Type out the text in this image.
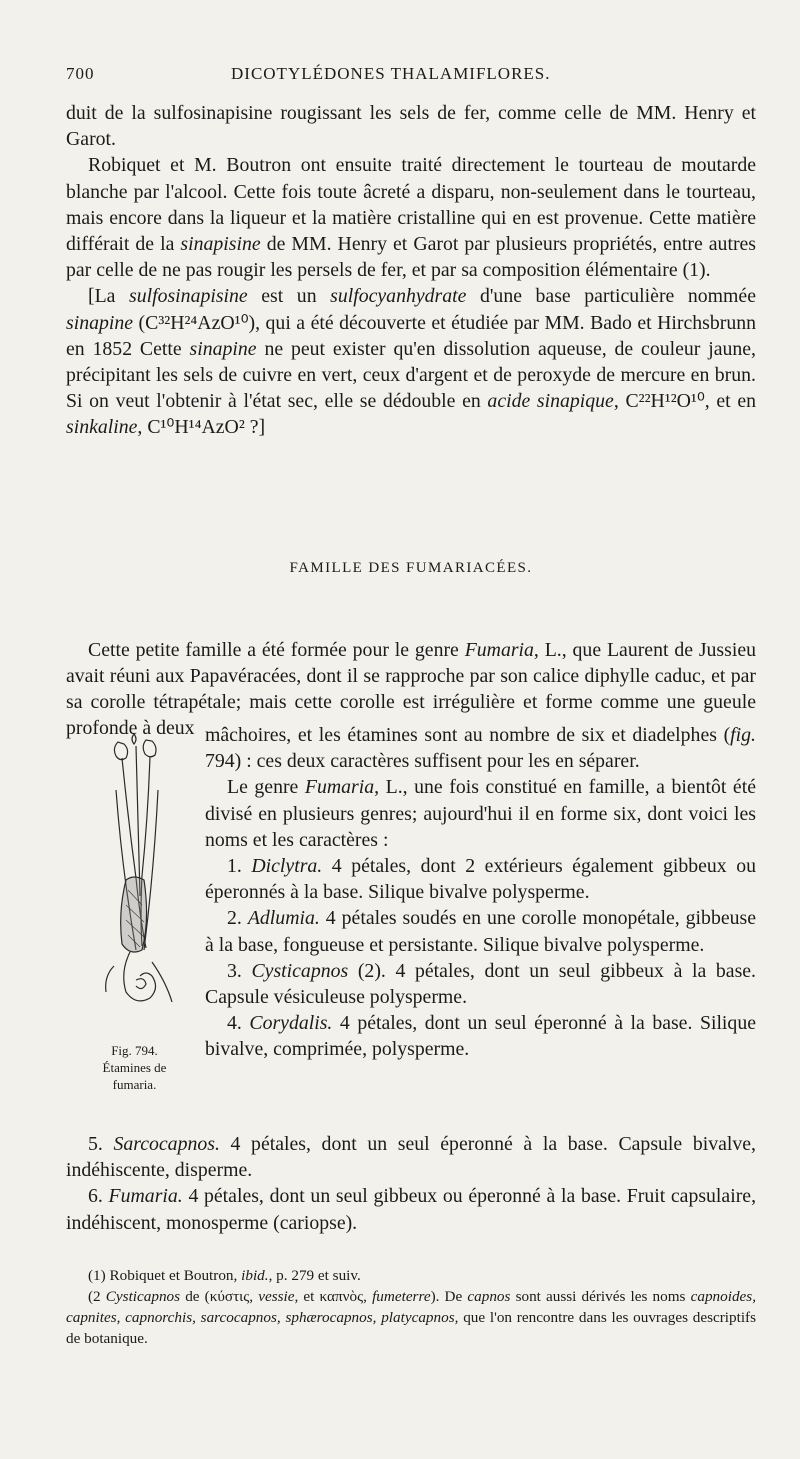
700	DICOTYLÉDONES THALAMIFLORES.

duit de la sulfosinapisine rougissant les sels de fer, comme celle de MM. Henry et Garot.

Robiquet et M. Boutron ont ensuite traité directement le tourteau de moutarde blanche par l'alcool. Cette fois toute âcreté a disparu, non-seulement dans le tourteau, mais encore dans la liqueur et la matière cristalline qui en est provenue. Cette matière différait de la sinapisine de MM. Henry et Garot par plusieurs propriétés, entre autres par celle de ne pas rougir les persels de fer, et par sa composition élémentaire (1).

[La sulfosinapisine est un sulfocyanhydrate d'une base particulière nommée sinapine (C³²H²⁴AzO¹⁰), qui a été découverte et étudiée par MM. Bado et Hirchsbrunn en 1852 Cette sinapine ne peut exister qu'en dissolution aqueuse, de couleur jaune, précipitant les sels de cuivre en vert, ceux d'argent et de peroxyde de mercure en brun. Si on veut l'obtenir à l'état sec, elle se dédouble en acide sinapique, C²²H¹²O¹⁰, et en sinkaline, C¹⁰H¹⁴AzO² ?]

FAMILLE DES FUMARIACÉES.

Cette petite famille a été formée pour le genre Fumaria, L., que Laurent de Jussieu avait réuni aux Papavéracées, dont il se rapproche par son calice diphylle caduc, et par sa corolle tétrapétale; mais cette corolle est irrégulière et forme comme une gueule profonde à deux

Fig. 794.
Étamines de
fumaria.

mâchoires, et les étamines sont au nombre de six et diadelphes (fig. 794) : ces deux caractères suffisent pour les en séparer.

Le genre Fumaria, L., une fois constitué en famille, a bientôt été divisé en plusieurs genres; aujourd'hui il en forme six, dont voici les noms et les caractères :

1. Diclytra. 4 pétales, dont 2 extérieurs également gibbeux ou éperonnés à la base. Silique bivalve polysperme.

2. Adlumia. 4 pétales soudés en une corolle monopétale, gibbeuse à la base, fongueuse et persistante. Silique bivalve polysperme.

3. Cysticapnos (2). 4 pétales, dont un seul gibbeux à la base. Capsule vésiculeuse polysperme.

4. Corydalis. 4 pétales, dont un seul éperonné à la base. Silique bivalve, comprimée, polysperme.

5. Sarcocapnos. 4 pétales, dont un seul éperonné à la base. Capsule bivalve, indéhiscente, disperme.

6. Fumaria. 4 pétales, dont un seul gibbeux ou éperonné à la base. Fruit capsulaire, indéhiscent, monosperme (cariopse).

(1) Robiquet et Boutron, ibid., p. 279 et suiv.

(2 Cysticapnos de (κύστις, vessie, et καπνὸς, fumeterre). De capnos sont aussi dérivés les noms capnoides, capnites, capnorchis, sarcocapnos, sphærocapnos, platycapnos, que l'on rencontre dans les ouvrages descriptifs de botanique.
